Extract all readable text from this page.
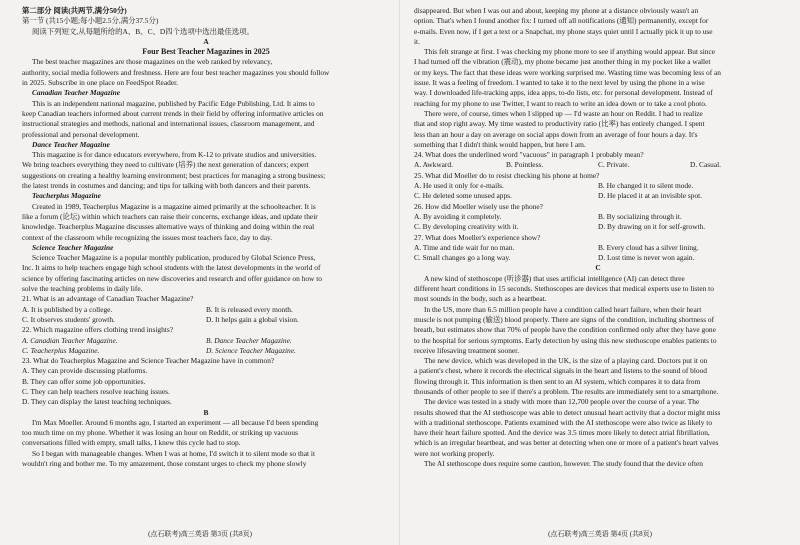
第二部分 阅读(共两节,满分50分)
第一节 (共15小题;每小题2.5分,满分37.5分)
阅读下列短文,从每题所给的A、B、C、D四个选项中选出最佳选项。
A
Four Best Teacher Magazines in 2025
The best teacher magazines are those magazines on the web ranked by relevancy,
authority, social media followers and freshness. Here are four best teacher magazines you should follow
in 2025. Subscribe in one place on FeedSpot Reader.
Canadian Teacher Magazine
This is an independent national magazine, published by Pacific Edge Publishing, Ltd. It aims to
keep Canadian teachers informed about current trends in their field by offering informative articles on
instructional strategies and methods, national and international issues, classroom management, and
professional and personal development.
Dance Teacher Magazine
This magazine is for dance educators everywhere, from K-12 to private studios and universities.
We bring teachers everything they need to cultivate (培养) the next generation of dancers; expert
suggestions on creating a healthy learning environment; best practices for managing a strong business;
the latest trends in costumes and dancing; and tips for talking with both dancers and their parents.
Teacherplus Magazine
Created in 1989, Teacherplus Magazine is a magazine aimed primarily at the schoolteacher. It is
like a forum (论坛) within which teachers can raise their concerns, exchange ideas, and update their
knowledge. Teacherplus Magazine discusses alternative ways of thinking and doing within the real
context of the classroom while recognizing the issues most teachers face, day to day.
Science Teacher Magazine
Science Teacher Magazine is a popular monthly publication, produced by Global Science Press,
Inc. It aims to help teachers engage high school students with the latest developments in the world of
science by offering fascinating articles on new discoveries and research and offer guidance on how to
solve the teaching problems in daily life.
21. What is an advantage of Canadian Teacher Magazine?
A. It is published by a college.	B. It is released every month.
C. It observes students' growth.	D. It helps gain a global vision.
22. Which magazine offers clothing trend insights?
A. Canadian Teacher Magazine.	B. Dance Teacher Magazine.
C. Teacherplus Magazine.	D. Science Teacher Magazine.
23. What do Teacherplus Magazine and Science Teacher Magazine have in common?
A. They can provide discussing platforms.
B. They can offer some job opportunities.
C. They can help teachers resolve teaching issues.
D. They can display the latest teaching techniques.
B
I'm Max Moeller. Around 6 months ago, I started an experiment — all because I'd been spending
too much time on my phone. Whether it was losing an hour on Reddit, or striking up vacuous
conversations filled with empty, small talks, I knew this cycle had to stop.
So I began with manageable changes. When I was at home, I'd switch it to silent mode so that it
wouldn't ring and bother me. To my amazement, those constant urges to check my phone slowly
(点石联考)高三英语 第3页 (共8页)
disappeared. But when I was out and about, keeping my phone at a distance obviously wasn't an
option. That's when I found another fix: I turned off all notifications (通知) permanently, except for
e-mails. Even now, if I get a text or a Snapchat, my phone stays quiet until I actually pick it up to use
it.
This felt strange at first. I was checking my phone more to see if anything would appear. But since
I had turned off the vibration (震动), my phone became just another thing in my pocket like a wallet
or my keys. The fact that these ideas were working surprised me. Wasting time was becoming less of an
issue. It was a feeling of freedom. I wanted to take it to the next level by using the phone in a wise
way. I downloaded life-tracking apps, idea apps, to-do lists, etc. for personal development. Instead of
reaching for my phone to use Twitter, I want to reach to write an idea down or to take a cool photo.
There were, of course, times when I slipped up — I'd waste an hour on Reddit. I had to realize
that and stop right away. My time wasted to productivity ratio (比率) has entirely changed. I spent
less than an hour a day on average on social apps down from an average of four hours a day. It's
something that I didn't think would happen, but here I am.
24. What does the underlined word "vacuous" in paragraph 1 probably mean?
A. Awkward.	B. Pointless.	C. Private.	D. Casual.
25. What did Moeller do to resist checking his phone at home?
A. He used it only for e-mails.	B. He changed it to silent mode.
C. He deleted some unused apps.	D. He placed it at an invisible spot.
26. How did Moeller wisely use the phone?
A. By avoiding it completely.	B. By socializing through it.
C. By developing creativity with it.	D. By drawing on it for self-growth.
27. What does Moeller's experience show?
A. Time and tide wait for no man.	B. Every cloud has a silver lining.
C. Small changes go a long way.	D. Lost time is never won again.
C
A new kind of stethoscope (听诊器) that uses artificial intelligence (AI) can detect three
different heart conditions in 15 seconds. Stethoscopes are devices that medical experts use to listen to
most sounds in the body, such as a heartbeat.
In the US, more than 6.5 million people have a condition called heart failure, when their heart
muscle is not pumping (输送) blood properly. There are signs of the condition, including shortness of
breath, but estimates show that 70% of people have the condition confirmed only after they have gone
to the hospital for serious symptoms. Early detection by using this new stethoscope enables patients to
receive lifesaving treatment sooner.
The new device, which was developed in the UK, is the size of a playing card. Doctors put it on
a patient's chest, where it records the electrical signals in the heart and listens to the sound of blood
flowing through it. This information is then sent to an AI system, which compares it to data from
thousands of other people to see if there's a problem. The results are immediately sent to a smartphone.
The device was tested in a study with more than 12,700 people over the course of a year. The
results showed that the AI stethoscope was able to detect unusual heart activity that a doctor might miss
with a traditional stethoscope. Patients examined with the AI stethoscope were also twice as likely to
have their heart failure spotted. And the device was 3.5 times more likely to detect atrial fibrillation,
which is an irregular heartbeat, and was better at detecting when one or more of a patient's heart valves
were not working properly.
The AI stethoscope does require some caution, however. The study found that the device often
(点石联考)高三英语 第4页 (共8页)
